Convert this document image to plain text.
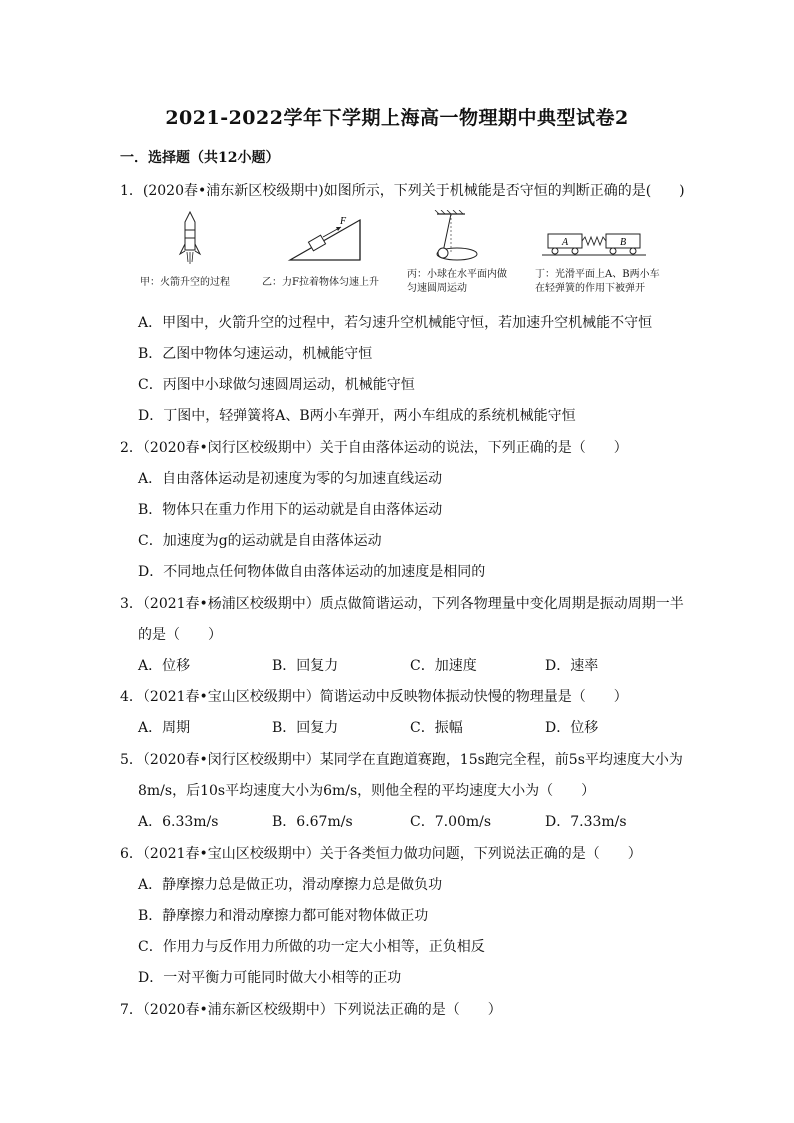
2021-2022学年下学期上海高一物理期中典型试卷2
一．选择题（共12小题）
1．(2020春•浦东新区校级期中)如图所示，下列关于机械能是否守恒的判断正确的是(　　)
F
A	B
甲：火箭升空的过程	乙：力F拉着物体匀速上升
丙：小球在水平面内做
匀速圆周运动
丁：光滑平面上A、B两小车
在轻弹簧的作用下被弹开
A．甲图中，火箭升空的过程中，若匀速升空机械能守恒，若加速升空机械能不守恒
B．乙图中物体匀速运动，机械能守恒
C．丙图中小球做匀速圆周运动，机械能守恒
D．丁图中，轻弹簧将A、B两小车弹开，两小车组成的系统机械能守恒
2．（2020春•闵行区校级期中）关于自由落体运动的说法，下列正确的是（　　）
A．自由落体运动是初速度为零的匀加速直线运动
B．物体只在重力作用下的运动就是自由落体运动
C．加速度为g的运动就是自由落体运动
D．不同地点任何物体做自由落体运动的加速度是相同的
3．（2021春•杨浦区校级期中）质点做简谐运动，下列各物理量中变化周期是振动周期一半
的是（　　）
A．位移	B．回复力	C．加速度	D．速率
4．（2021春•宝山区校级期中）简谐运动中反映物体振动快慢的物理量是（　　）
A．周期	B．回复力	C．振幅	D．位移
5．（2020春•闵行区校级期中）某同学在直跑道赛跑，15s跑完全程，前5s平均速度大小为
8m/s，后10s平均速度大小为6m/s，则他全程的平均速度大小为（　　）
A．6.33m/s	B．6.67m/s	C．7.00m/s	D．7.33m/s
6．（2021春•宝山区校级期中）关于各类恒力做功问题，下列说法正确的是（　　）
A．静摩擦力总是做正功，滑动摩擦力总是做负功
B．静摩擦力和滑动摩擦力都可能对物体做正功
C．作用力与反作用力所做的功一定大小相等，正负相反
D．一对平衡力可能同时做大小相等的正功
7．（2020春•浦东新区校级期中）下列说法正确的是（　　）
